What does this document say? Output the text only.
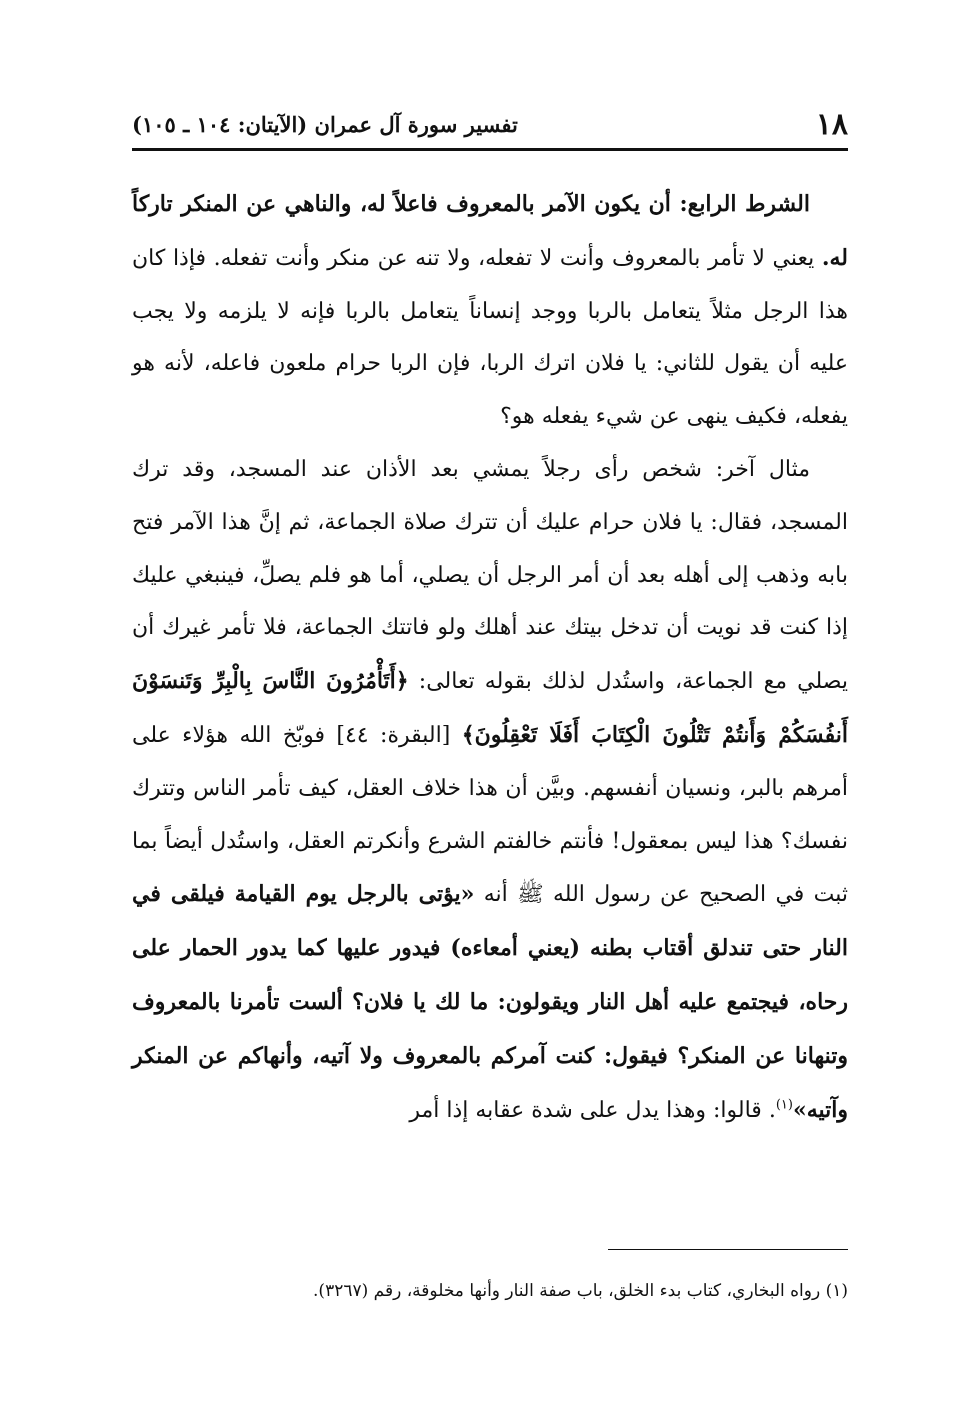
١٨
تفسير سورة آل عمران (الآيتان: ١٠٤ ـ ١٠٥)

الشرط الرابع: أن يكون الآمر بالمعروف فاعلاً له، والناهي عن المنكر تاركاً له. يعني لا تأمر بالمعروف وأنت لا تفعله، ولا تنه عن منكر وأنت تفعله. فإذا كان هذا الرجل مثلاً يتعامل بالربا ووجد إنساناً يتعامل بالربا فإنه لا يلزمه ولا يجب عليه أن يقول للثاني: يا فلان اترك الربا، فإن الربا حرام ملعون فاعله، لأنه هو يفعله، فكيف ينهى عن شيء يفعله هو؟

مثال آخر: شخص رأى رجلاً يمشي بعد الأذان عند المسجد، وقد ترك المسجد، فقال: يا فلان حرام عليك أن تترك صلاة الجماعة، ثم إنَّ هذا الآمر فتح بابه وذهب إلى أهله بعد أن أمر الرجل أن يصلي، أما هو فلم يصلِّ، فينبغي عليك إذا كنت قد نويت أن تدخل بيتك عند أهلك ولو فاتتك الجماعة، فلا تأمر غيرك أن يصلي مع الجماعة، واستُدل لذلك بقوله تعالى: ﴿أَتَأْمُرُونَ النَّاسَ بِالْبِرِّ وَتَنسَوْنَ أَنفُسَكُمْ وَأَنتُمْ تَتْلُونَ الْكِتَابَ أَفَلَا تَعْقِلُونَ﴾ [البقرة: ٤٤] فوبّخ الله هؤلاء على أمرهم بالبر، ونسيان أنفسهم. وبيَّن أن هذا خلاف العقل، كيف تأمر الناس وتترك نفسك؟ هذا ليس بمعقول! فأنتم خالفتم الشرع وأنكرتم العقل، واستُدل أيضاً بما ثبت في الصحيح عن رسول الله ﷺ أنه «يؤتى بالرجل يوم القيامة فيلقى في النار حتى تندلق أقتاب بطنه (يعني أمعاءه) فيدور عليها كما يدور الحمار على رحاه، فيجتمع عليه أهل النار ويقولون: ما لك يا فلان؟ ألست تأمرنا بالمعروف وتنهانا عن المنكر؟ فيقول: كنت آمركم بالمعروف ولا آتيه، وأنهاكم عن المنكر وآتيه»$^{(١)}$. قالوا: وهذا يدل على شدة عقابه إذا أمر

(١) رواه البخاري، كتاب بدء الخلق، باب صفة النار وأنها مخلوقة، رقم (٣٢٦٧).
